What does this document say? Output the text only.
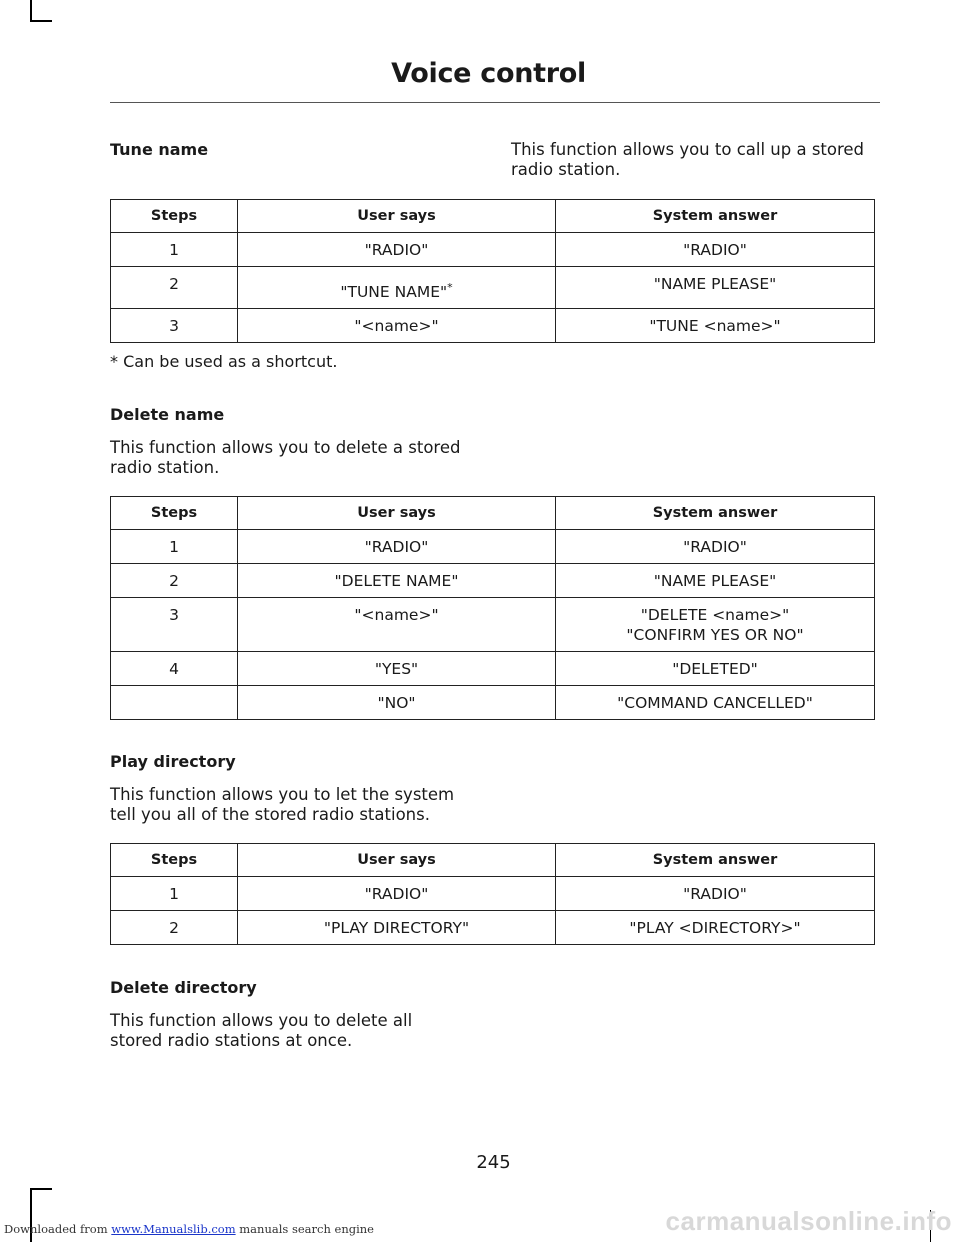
Voice control
Tune name	This function allows you to call up a stored radio station.

Steps	User says	System answer
1	"RADIO"	"RADIO"
2	"TUNE NAME"*	"NAME PLEASE"
3	"<name>"	"TUNE <name>"
* Can be used as a shortcut.
Delete name

This function allows you to delete a stored radio station.

Steps	User says	System answer
1	"RADIO"	"RADIO"
2	"DELETE NAME"	"NAME PLEASE"
3	"<name>"	"DELETE <name>"
"CONFIRM YES OR NO"

4	"YES"	"DELETED"
	"NO"	"COMMAND CANCELLED"
Play directory

This function allows you to let the system tell you all of the stored radio stations.

Steps	User says	System answer
1	"RADIO"	"RADIO"
2	"PLAY DIRECTORY"	"PLAY <DIRECTORY>"
Delete directory

This function allows you to delete all stored radio stations at once.

245
Downloaded from www.Manualslib.com manuals search engine	carmanualsonline.info
